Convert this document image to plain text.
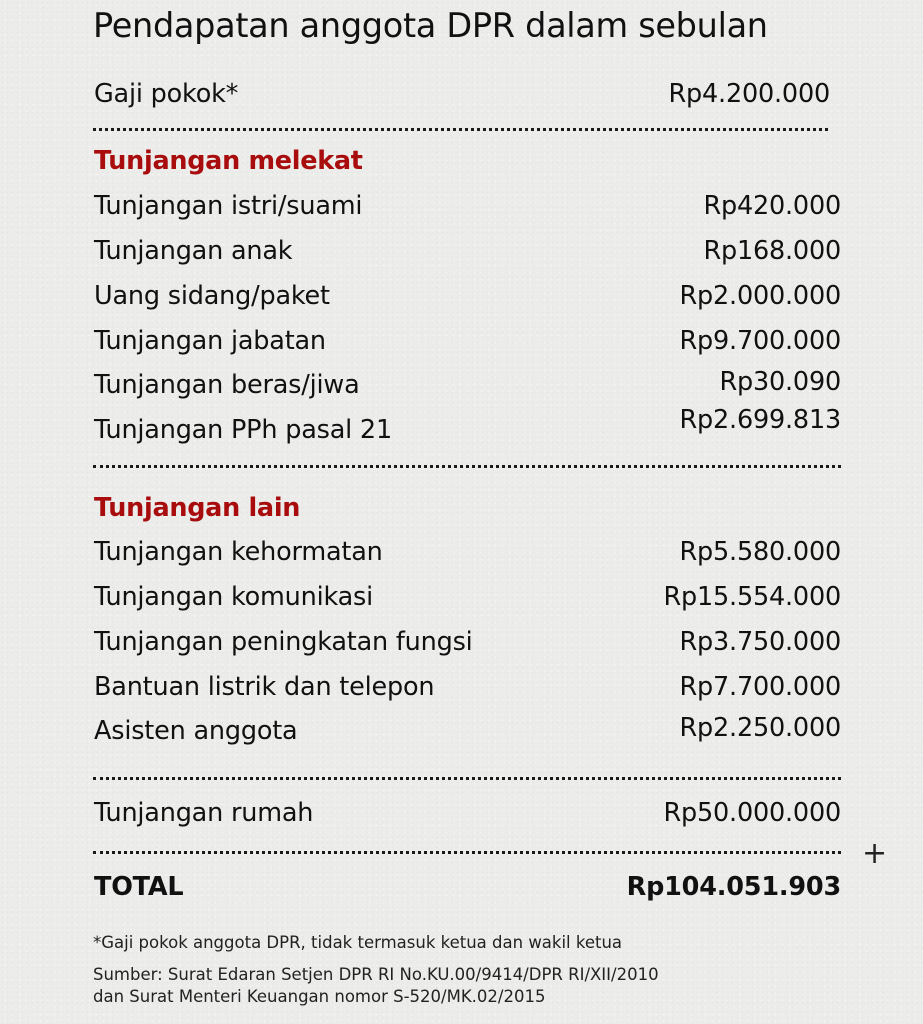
Pendapatan anggota DPR dalam sebulan
Gaji pokok*	Rp4.200.000
Tunjangan melekat
Tunjangan istri/suami	Rp420.000
Tunjangan anak	Rp168.000
Uang sidang/paket	Rp2.000.000
Tunjangan jabatan	Rp9.700.000
Tunjangan beras/jiwa	Rp30.090
Tunjangan PPh pasal 21	Rp2.699.813
Tunjangan lain
Tunjangan kehormatan	Rp5.580.000
Tunjangan komunikasi	Rp15.554.000
Tunjangan peningkatan fungsi	Rp3.750.000
Bantuan listrik dan telepon	Rp7.700.000
Asisten anggota	Rp2.250.000
Tunjangan rumah	Rp50.000.000
+
TOTAL	Rp104.051.903
*Gaji pokok anggota DPR, tidak termasuk ketua dan wakil ketua
Sumber: Surat Edaran Setjen DPR RI No.KU.00/9414/DPR RI/XII/2010
dan Surat Menteri Keuangan nomor S-520/MK.02/2015
